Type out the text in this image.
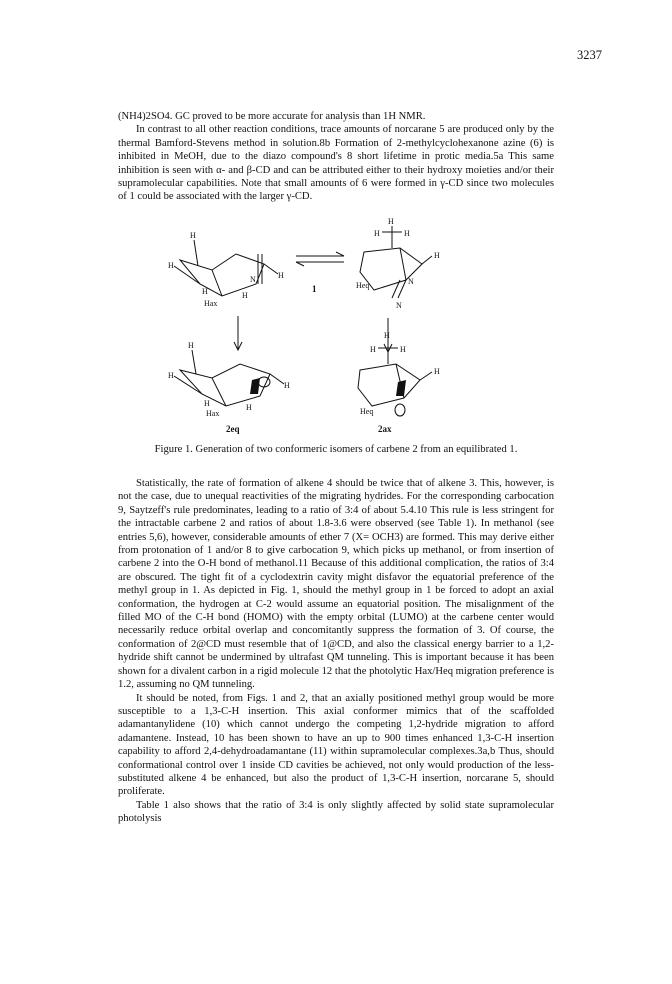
3237

(NH4)2SO4. GC proved to be more accurate for analysis than 1H NMR.

In contrast to all other reaction conditions, trace amounts of norcarane 5 are produced only by the thermal Bamford-Stevens method in solution.8b Formation of 2-methylcyclohexanone azine (6) is inhibited in MeOH, due to the diazo compound's 8 short lifetime in protic media.5a This same inhibition is seen with α- and β-CD and can be attributed either to their hydroxy moieties and/or their supramolecular capabilities. Note that small amounts of 6 were formed in γ-CD since two molecules of 1 could be associated with the larger γ-CD.

H
H
H
H	H
Hax
N
H
H	H
H
Heq	N
N
H
H
H
H	H
Hax
H
H	H
H
Heq
1
2eq	2ax
Figure 1. Generation of two conformeric isomers of carbene 2 from an equilibrated 1.

Statistically, the rate of formation of alkene 4 should be twice that of alkene 3. This, however, is not the case, due to unequal reactivities of the migrating hydrides. For the corresponding carbocation 9, Saytzeff's rule predominates, leading to a ratio of 3:4 of about 5.4.10 This rule is less stringent for the intractable carbene 2 and ratios of about 1.8-3.6 were observed (see Table 1). In methanol (see entries 5,6), however, considerable amounts of ether 7 (X= OCH3) are formed. This may derive either from protonation of 1 and/or 8 to give carbocation 9, which picks up methanol, or from insertion of carbene 2 into the O-H bond of methanol.11 Because of this additional complication, the ratios of 3:4 are obscured. The tight fit of a cyclodextrin cavity might disfavor the equatorial preference of the methyl group in 1. As depicted in Fig. 1, should the methyl group in 1 be forced to adopt an axial conformation, the hydrogen at C-2 would assume an equatorial position. The misalignment of the filled MO of the C-H bond (HOMO) with the empty orbital (LUMO) at the carbene center would necessarily reduce orbital overlap and concomitantly suppress the formation of 3. Of course, the conformation of 2@CD must resemble that of 1@CD, and also the classical energy barrier to a 1,2-hydride shift cannot be undermined by ultrafast QM tunneling. This is important because it has been shown for a divalent carbon in a rigid molecule 12 that the photolytic Hax/Heq migration preference is 1.2, assuming no QM tunneling.

It should be noted, from Figs. 1 and 2, that an axially positioned methyl group would be more susceptible to a 1,3-C-H insertion. This axial conformer mimics that of the scaffolded adamantanylidene (10) which cannot undergo the competing 1,2-hydride migration to afford adamantene. Instead, 10 has been shown to have an up to 900 times enhanced 1,3-C-H insertion capability to afford 2,4-dehydroadamantane (11) within supramolecular complexes.3a,b Thus, should conformational control over 1 inside CD cavities be achieved, not only would production of the less-substituted alkene 4 be enhanced, but also the product of 1,3-C-H insertion, norcarane 5, should proliferate.

Table 1 also shows that the ratio of 3:4 is only slightly affected by solid state supramolecular photolysis
